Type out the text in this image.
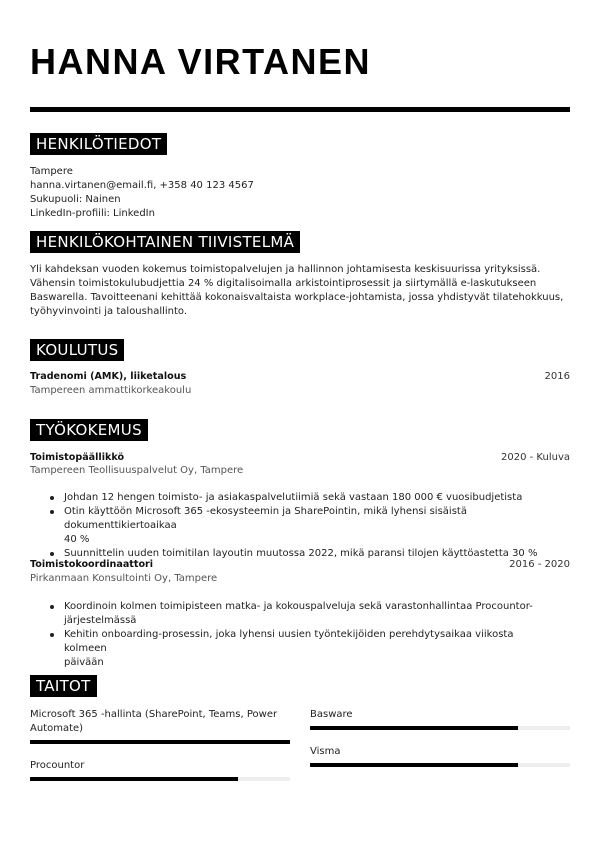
HANNA VIRTANEN
HENKILÖTIEDOT
Tampere
hanna.virtanen@email.fi, +358 40 123 4567
Sukupuoli: Nainen
LinkedIn-profiili: LinkedIn
HENKILÖKOHTAINEN TIIVISTELMÄ
Yli kahdeksan vuoden kokemus toimistopalvelujen ja hallinnon johtamisesta keskisuurissa yrityksissä.
Vähensin toimistokulubudjettia 24 % digitalisoimalla arkistointiprosessit ja siirtymällä e-laskutukseen
Baswarella. Tavoitteenani kehittää kokonaisvaltaista workplace-johtamista, jossa yhdistyvät tilatehokkuus,
työhyvinvointi ja taloushallinto.
KOULUTUS
Tradenomi (AMK), liiketalous	2016
Tampereen ammattikorkeakoulu
TYÖKOKEMUS
Toimistopäällikkö	2020 - Kuluva
Tampereen Teollisuuspalvelut Oy, Tampere
Johdan 12 hengen toimisto- ja asiakaspalvelutiimiä sekä vastaan 180 000 € vuosibudjetista
Otin käyttöön Microsoft 365 -ekosysteemin ja SharePointin, mikä lyhensi sisäistä dokumenttikiertoaikaa
40 %
Suunnittelin uuden toimitilan layoutin muutossa 2022, mikä paransi tilojen käyttöastetta 30 %
Toimistokoordinaattori	2016 - 2020
Pirkanmaan Konsultointi Oy, Tampere
Koordinoin kolmen toimipisteen matka- ja kokouspalveluja sekä varastonhallintaa Procountor-
järjestelmässä
Kehitin onboarding-prosessin, joka lyhensi uusien työntekijöiden perehdytysaikaa viikosta kolmeen
päivään
TAITOT
Microsoft 365 -hallinta (SharePoint, Teams, Power
Automate)
Basware
Procountor
Visma
